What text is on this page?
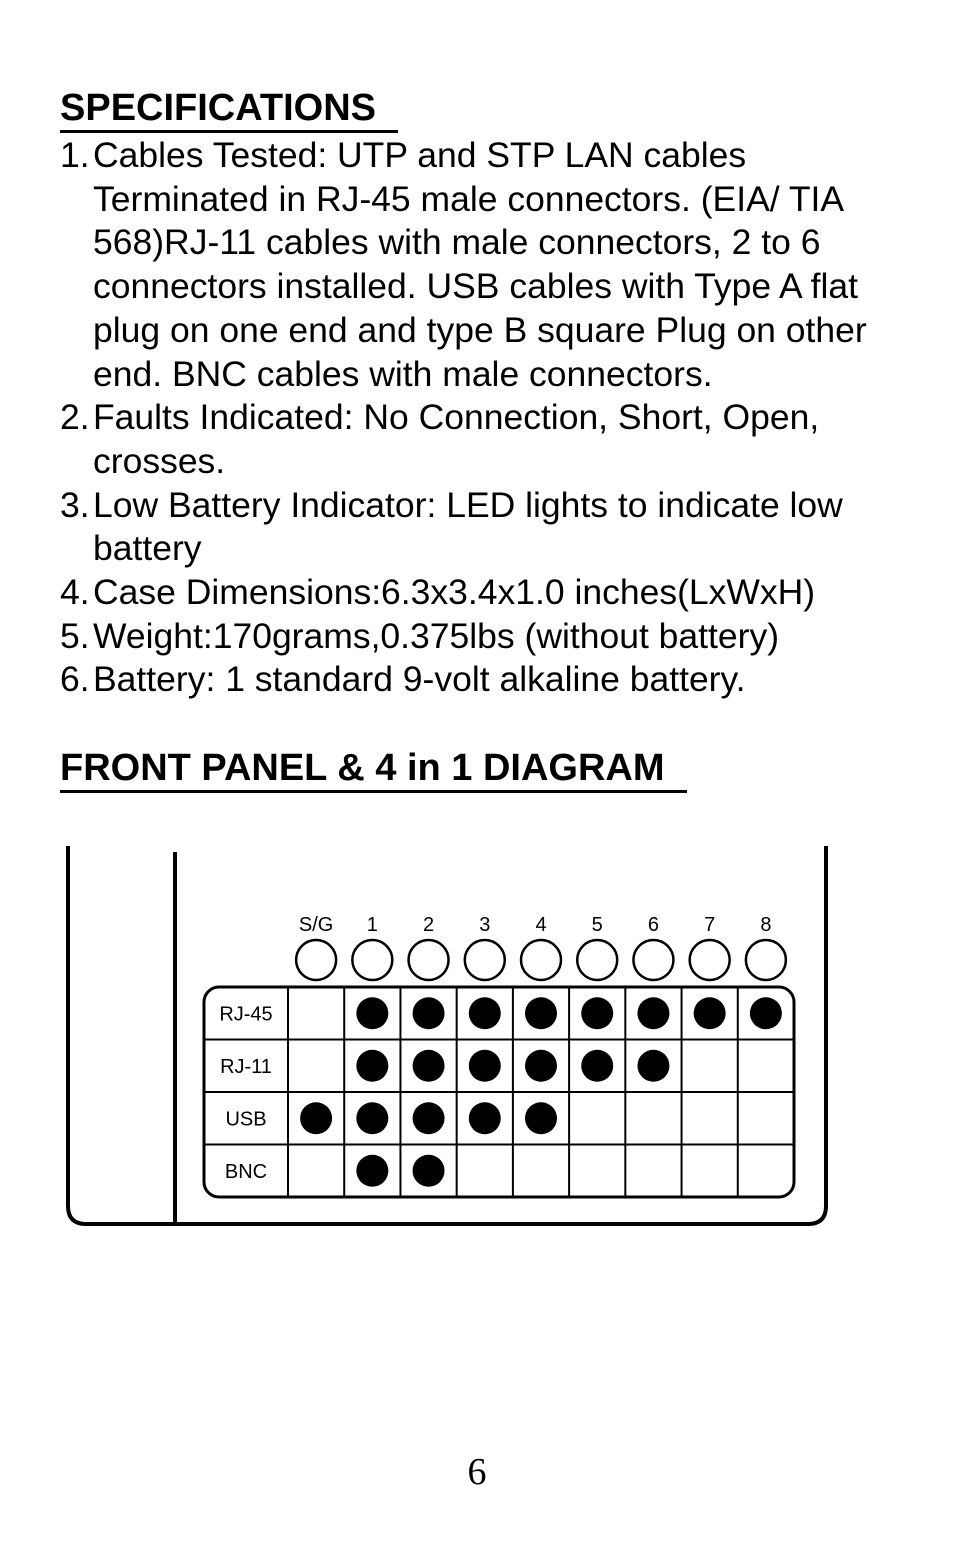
SPECIFICATIONS
1. Cables Tested: UTP and STP LAN cables Terminated in RJ-45 male connectors. (EIA/ TIA 568)RJ-11 cables with male connectors, 2 to 6 connectors installed. USB cables with Type A flat plug on one end and type B square Plug on other end. BNC cables with male connectors.
2. Faults Indicated: No Connection, Short, Open, crosses.
3. Low Battery Indicator: LED lights to indicate low battery
4. Case Dimensions:6.3x3.4x1.0 inches(LxWxH)
5. Weight:170grams,0.375lbs (without battery)
6. Battery: 1 standard 9-volt alkaline battery.
FRONT PANEL & 4 in 1 DIAGRAM
S/G 1 2 3 4 5 6 7 8
RJ-45
RJ-11
USB
BNC
6
